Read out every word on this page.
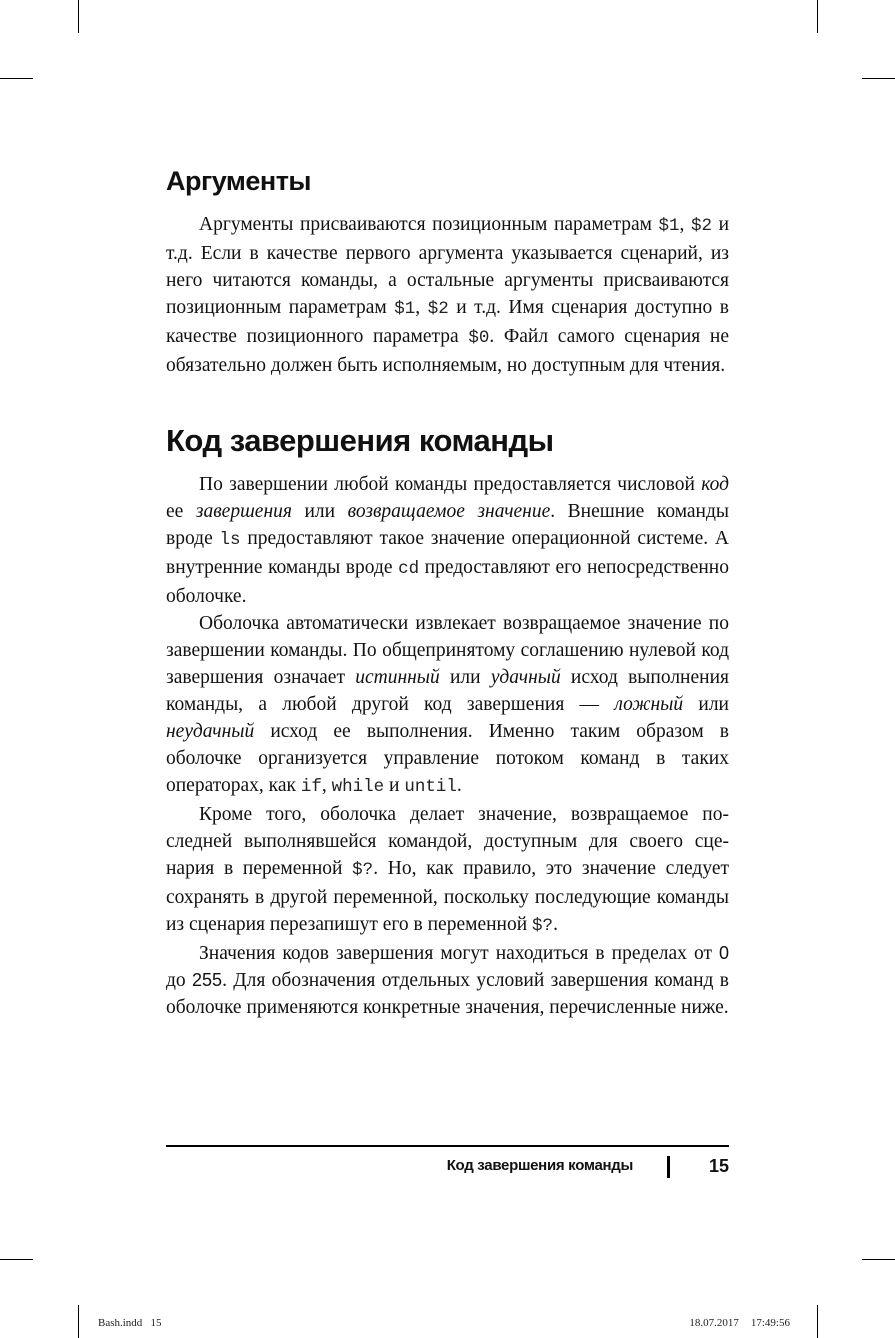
Аргументы

Аргументы присваиваются позиционным параметрам $1, $2 и т.д. Если в качестве первого аргумента указывается сценарий, из него читаются команды, а остальные аргументы присваиваются позиционным параметрам $1, $2 и т.д. Имя сценария доступно в качестве позиционного параметра $0. Файл самого сценария не обязательно должен быть исполняемым, но доступным для чтения.

Код завершения команды

По завершении любой команды предоставляется числовой код ее завершения или возвращаемое значение. Внешние команды вроде ls предоставляют такое значение операционной системе. А внутренние команды вроде cd предоставляют его непосредственно оболочке.

Оболочка автоматически извлекает возвращаемое значение по завершении команды. По общепринятому соглашению нулевой код завершения означает истинный или удачный исход выполнения команды, а любой другой код завершения — ложный или неудачный исход ее выполнения. Именно таким образом в оболочке организуется управление потоком команд в таких операторах, как if, while и until.

Кроме того, оболочка делает значение, возвращаемое последней выполнявшейся командой, доступным для своего сценария в переменной $?. Но, как правило, это значение следует сохранять в другой переменной, поскольку последующие команды из сценария перезапишут его в переменной $?.

Значения кодов завершения могут находиться в пределах от 0 до 255. Для обозначения отдельных условий завершения команд в оболочке применяются конкретные значения, перечисленные ниже.

Код завершения команды	15
Bash.indd   15	18.07.2017 17:49:56
